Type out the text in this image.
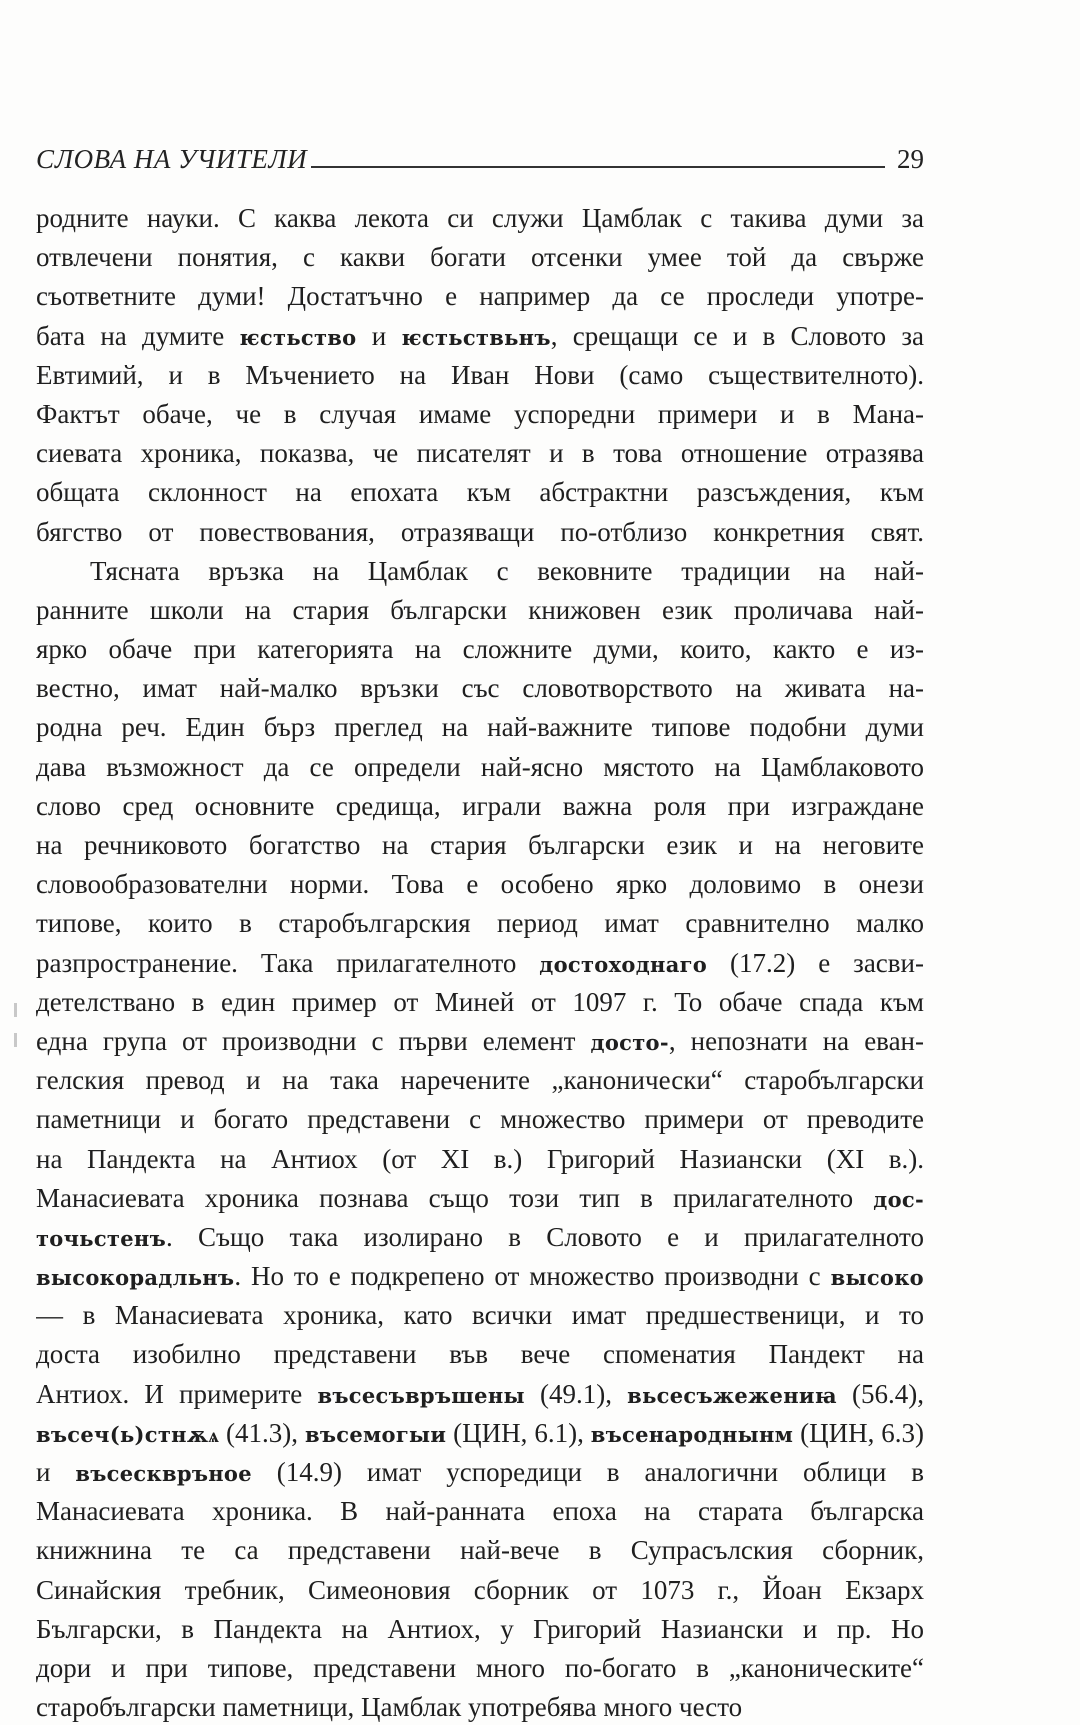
СЛОВА НА УЧИТЕЛИ	29
родните науки. С каква лекота си служи Цамблак с такива думи за
отвлечени понятия, с какви богати отсенки умее той да свърже
съответните думи! Достатъчно е например да се проследи употре-
бата на думите ѥстьство и ѥстьствьнъ, срещащи се и в Словото за
Евтимий, и в Мъчението на Иван Нови (само съществителното).
Фактът обаче, че в случая имаме успоредни примери и в Мана-
сиевата хроника, показва, че писателят и в това отношение отразява
общата склонност на епохата към абстрактни разсъждения, към
бягство от повествования, отразяващи по-отблизо конкретния свят.
Тясната връзка на Цамблак с вековните традиции на най-
ранните школи на стария български книжовен език проличава най-
ярко обаче при категорията на сложните думи, които, както е из-
вестно, имат най-малко връзки със словотворството на живата на-
родна реч. Един бърз преглед на най-важните типове подобни думи
дава възможност да се определи най-ясно мястото на Цамблаковото
слово сред основните средища, играли важна роля при изграждане
на речниковото богатство на стария български език и на неговите
словообразователни норми. Това е особено ярко доловимо в онези
типове, които в старобългарския период имат сравнително малко
разпространение. Така прилагателното достоходнаго (17.2) е засви-
детелствано в един пример от Миней от 1097 г. То обаче спада към
една група от производни с първи елемент досто-, непознати на еван-
гелския превод и на така наречените „канонически“ старобългарски
паметници и богато представени с множество примери от преводите
на Пандекта на Антиох (от XI в.) Григорий Назиански (XI в.).
Манасиевата хроника познава също този тип в прилагателното дос-
точьстенъ. Също така изолирано в Словото е и прилагателното
высокорадльнъ. Но то е подкрепено от множество производни с высоко
— в Манасиевата хроника, като всички имат предшественици, и то
доста изобилно представени във вече споменатия Пандект на
Антиох. И примерите въсесъвръшены (49.1), вьсесъжежениꙗ (56.4),
въсеч(ь)стнѫѧ (41.3), въсемогыи (ЦИН, 6.1), въсенароднынм (ЦИН, 6.3)
и въсесквръное (14.9) имат успоредици в аналогични облици в
Манасиевата хроника. В най-ранната епоха на старата българска
книжнина те са представени най-вече в Супрасълския сборник,
Синайския требник, Симеоновия сборник от 1073 г., Йоан Екзарх
Български, в Пандекта на Антиох, у Григорий Назиански и пр. Но
дори и при типове, представени много по-богато в „каноническите“
старобългарски паметници, Цамблак употребява много често
